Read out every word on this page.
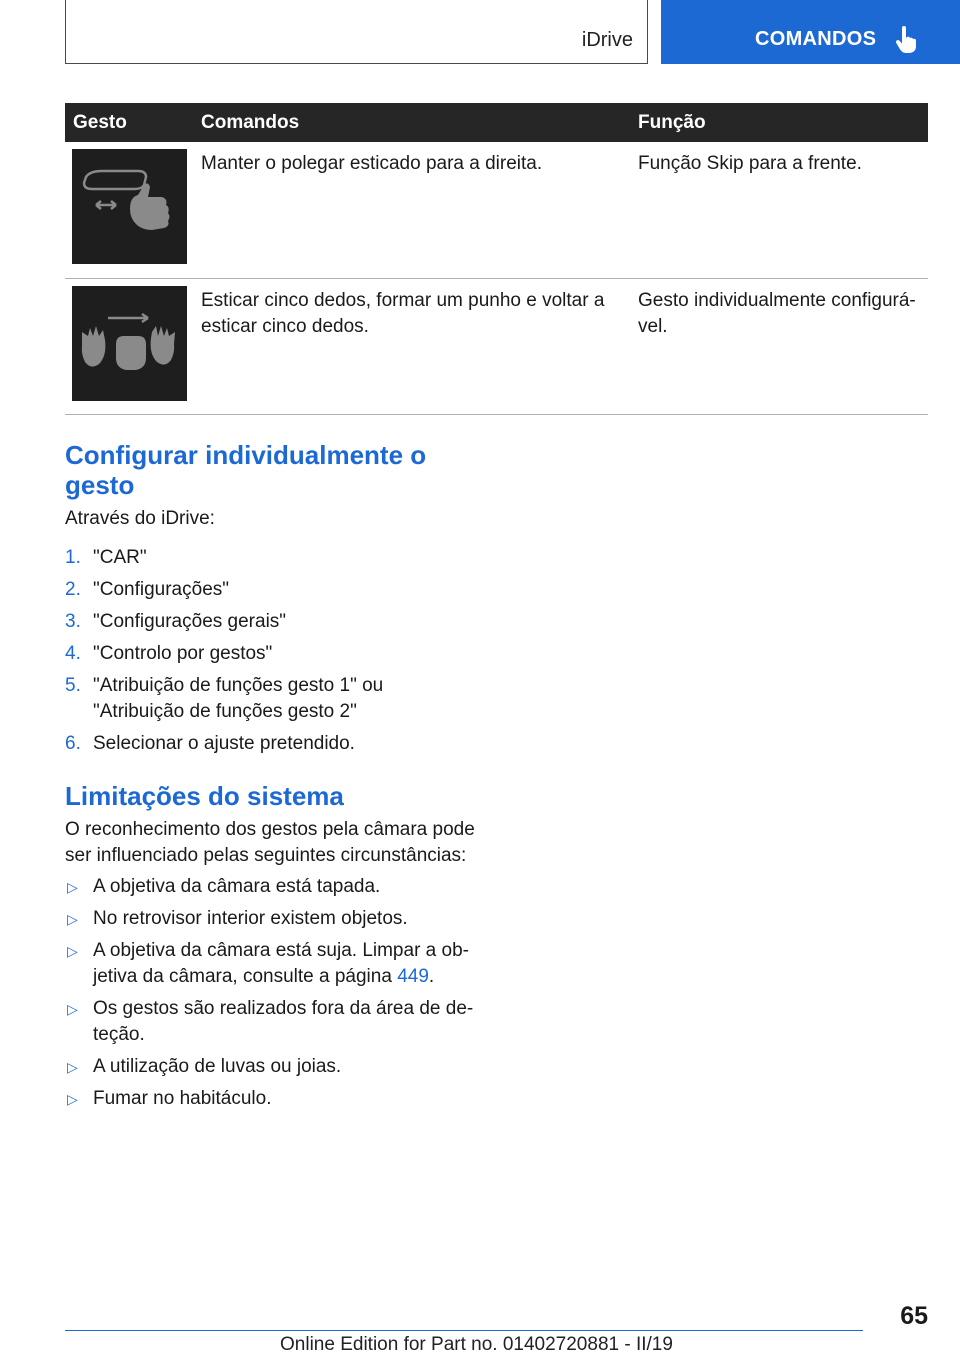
iDrive	COMANDOS
Gesto	Comandos	Função

	Manter o polegar esticado para a direita.	Função Skip para a frente.

	Esticar cinco dedos, formar um punho e voltar a esticar cinco dedos.	Gesto individualmente configurá-vel.
Configurar individualmente o gesto

Através do iDrive:

1. "CAR"
2. "Configurações"
3. "Configurações gerais"
4. "Controlo por gestos"
5. "Atribuição de funções gesto 1" ou "Atribuição de funções gesto 2"
6. Selecionar o ajuste pretendido.
Limitações do sistema

O reconhecimento dos gestos pela câmara pode ser influenciado pelas seguintes circunstâncias:

▷ A objetiva da câmara está tapada.
▷ No retrovisor interior existem objetos.
▷ A objetiva da câmara está suja. Limpar a ob-jetiva da câmara, consulte a página 449.
▷ Os gestos são realizados fora da área de de-teção.
▷ A utilização de luvas ou joias.
▷ Fumar no habitáculo.
65
Online Edition for Part no. 01402720881 - II/19
